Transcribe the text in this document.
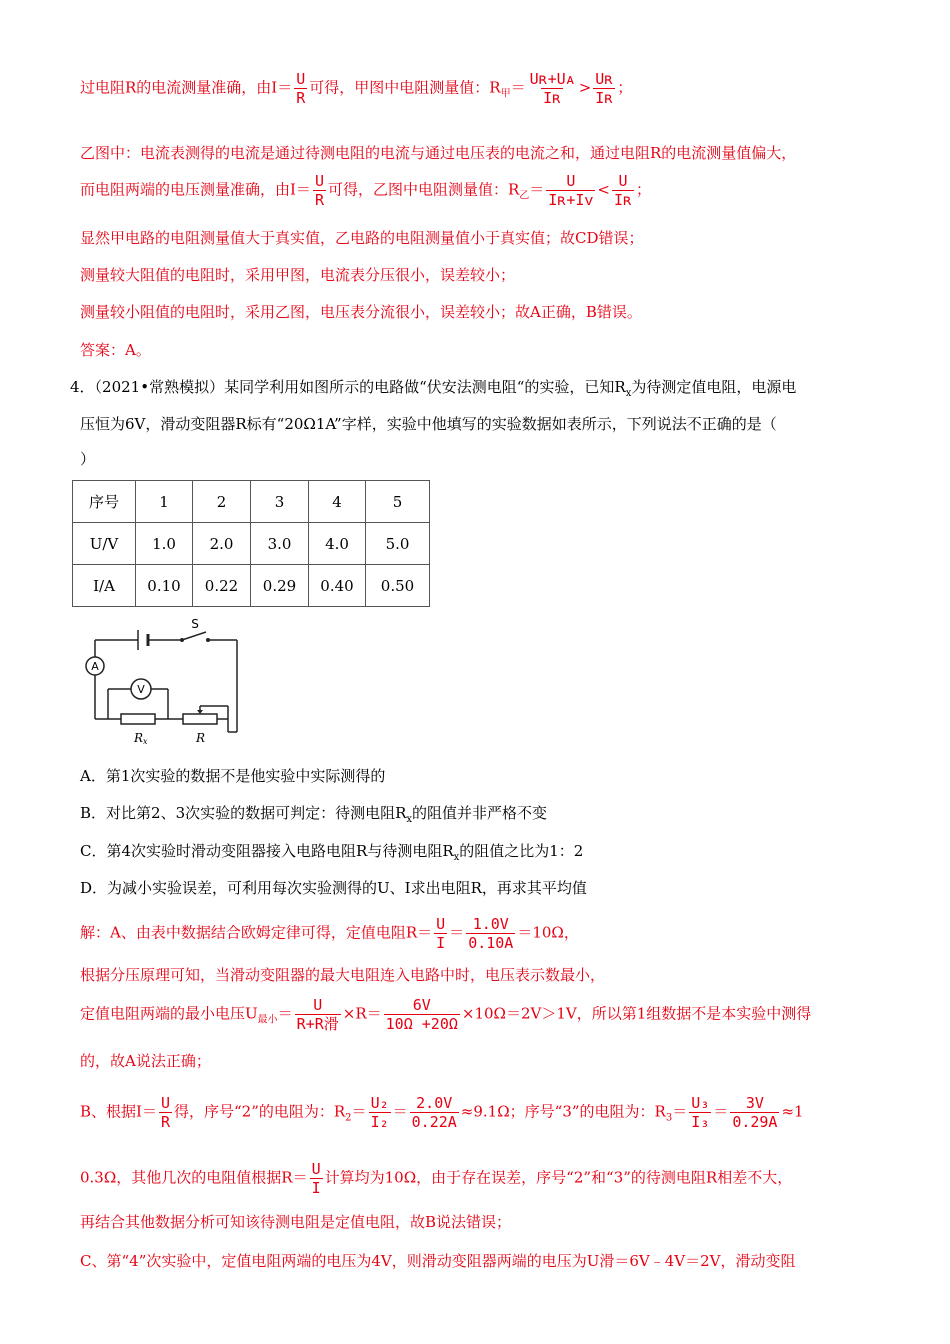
过电阻R的电流测量准确，由$I= \frac{U}{R}$ 可得，甲图中电阻测量值：$R_甲= \frac{\text{Uʀ+Uᴀ}}{\text{Iʀ}} > \frac{\text{Uʀ}}{\text{Iʀ}}$ ；
乙图中：电流表测得的电流是通过待测电阻的电流与通过电压表的电流之和，通过电阻R的电流测量值偏大，
而电阻两端的电压测量准确，由$I= \frac{U}{R}$ 可得，乙图中电阻测量值：$R_乙= \frac{U}{\text{Iʀ+Iᴠ}} < \frac{U}{\text{Iʀ}}$ ；
显然甲电路的电阻测量值大于真实值，乙电路的电阻测量值小于真实值；故CD错误；
测量较大阻值的电阻时，采用甲图，电流表分压很小，误差较小；
测量较小阻值的电阻时，采用乙图，电压表分流很小，误差较小；故A正确，B错误。
答案：A。
4．（2021•常熟模拟）某同学利用如图所示的电路做“伏安法测电阻“的实验，已知$R_x$为待测定值电阻，电源电
压恒为6V，滑动变阻器R标有“20Ω1A”字样，实验中他填写的实验数据如表所示，下列说法不正确的是（
）
序号	1	2	3	4	5
U/V	1.0	2.0	3.0	4.0	5.0
I/A	0.10	0.22	0.29	0.40	0.50
A
V
S
Rx	R
A．第1次实验的数据不是他实验中实际测得的
B．对比第2、3次实验的数据可判定：待测电阻$R_x$的阻值并非严格不变
C．第4次实验时滑动变阻器接入电路电阻R与待测电阻$R_x$的阻值之比为1：2
D．为减小实验误差，可利用每次实验测得的U、I求出电阻R，再求其平均值
解：A、由表中数据结合欧姆定律可得，定值电阻$R= \frac{U}{I} = \frac{1.0V}{0.10A} =10\Omega$，
根据分压原理可知，当滑动变阻器的最大电阻连入电路中时，电压表示数最小，
定值电阻两端的最小电压$U_{最小}= \frac{U}{\text{R+R滑}} \times R= \frac{6V}{10\Omega +20\Omega} \times 10\Omega=2V>1V$，所以第1组数据不是本实验中测得
的，故A说法正确；
B、根据$I= \frac{U}{R}$ 得，序号“2”的电阻为：$R_2= \frac{\text{U₂}}{\text{I₂}} = \frac{2.0V}{0.22A} \approx 9.1\Omega$；序号“3”的电阻为：$R_3= \frac{\text{U₃}}{\text{I₃}} = \frac{3V}{0.29A} \approx 1$
0.3Ω，其他几次的电阻值根据$R= \frac{U}{I}$ 计算均为10Ω，由于存在误差，序号“2”和“3”的待测电阻R相差不大，
再结合其他数据分析可知该待测电阻是定值电阻，故B说法错误；
C、第“4”次实验中，定值电阻两端的电压为4V，则滑动变阻器两端的电压为U滑＝6V﹣4V＝2V，滑动变阻
